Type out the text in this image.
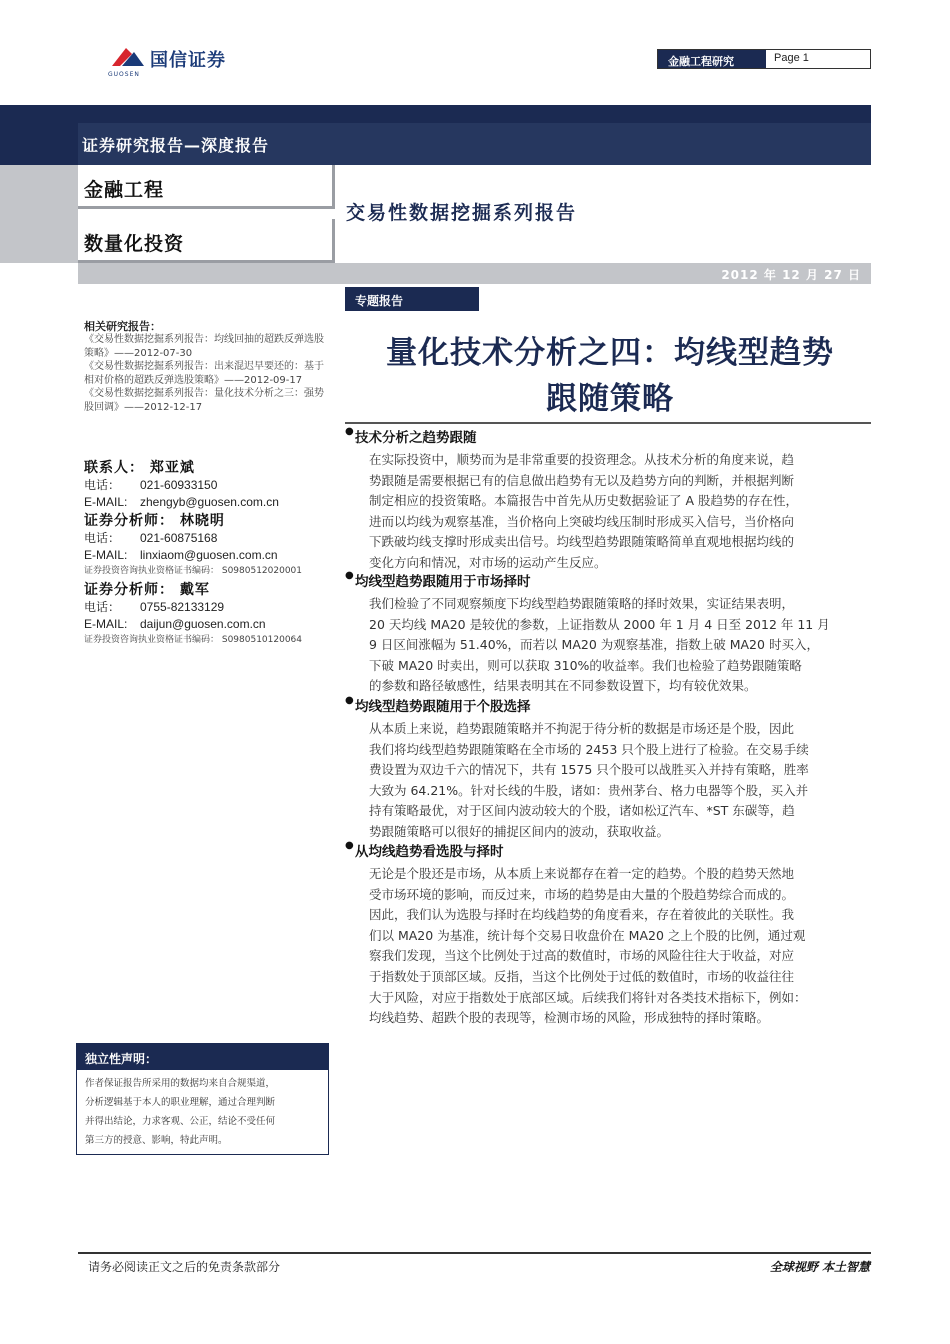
国信证券
GUOSEN
金融工程研究	Page 1
证券研究报告—深度报告
金融工程
数量化投资
交易性数据挖掘系列报告
2012 年 12 月 27 日
专题报告
量化技术分析之四：均线型趋势
跟随策略
相关研究报告：
《交易性数据挖掘系列报告：均线回抽的超跌反弹选股策略》——2012-07-30
《交易性数据挖掘系列报告：出来混迟早要还的：基于相对价格的超跌反弹选股策略》——2012-09-17
《交易性数据挖掘系列报告：量化技术分析之三：强势股回调》——2012-12-17
联系人： 郑亚斌
电话： 021-60933150
E-MAIL: zhengyb@guosen.com.cn
证券分析师： 林晓明
电话： 021-60875168
E-MAIL: linxiaom@guosen.com.cn
证券投资咨询执业资格证书编码： S0980512020001
证券分析师： 戴军
电话： 0755-82133129
E-MAIL: daijun@guosen.com.cn
证券投资咨询执业资格证书编码： S0980510120064
● 技术分析之趋势跟随
在实际投资中，顺势而为是非常重要的投资理念。从技术分析的角度来说，趋
势跟随是需要根据已有的信息做出趋势有无以及趋势方向的判断，并根据判断
制定相应的投资策略。本篇报告中首先从历史数据验证了 A 股趋势的存在性，
进而以均线为观察基准，当价格向上突破均线压制时形成买入信号，当价格向
下跌破均线支撑时形成卖出信号。均线型趋势跟随策略简单直观地根据均线的
变化方向和情况，对市场的运动产生反应。
● 均线型趋势跟随用于市场择时
我们检验了不同观察频度下均线型趋势跟随策略的择时效果，实证结果表明，
20 天均线 MA20 是较优的参数，上证指数从 2000 年 1 月 4 日至 2012 年 11 月
9 日区间涨幅为 51.40%，而若以 MA20 为观察基准，指数上破 MA20 时买入，
下破 MA20 时卖出，则可以获取 310%的收益率。我们也检验了趋势跟随策略
的参数和路径敏感性，结果表明其在不同参数设置下，均有较优效果。
● 均线型趋势跟随用于个股选择
从本质上来说，趋势跟随策略并不拘泥于待分析的数据是市场还是个股，因此
我们将均线型趋势跟随策略在全市场的 2453 只个股上进行了检验。在交易手续
费设置为双边千六的情况下，共有 1575 只个股可以战胜买入并持有策略，胜率
大致为 64.21%。针对长线的牛股，诸如：贵州茅台、格力电器等个股，买入并
持有策略最优，对于区间内波动较大的个股，诸如松辽汽车、*ST 东碳等，趋
势跟随策略可以很好的捕捉区间内的波动，获取收益。
● 从均线趋势看选股与择时
无论是个股还是市场，从本质上来说都存在着一定的趋势。个股的趋势天然地
受市场环境的影响，而反过来，市场的趋势是由大量的个股趋势综合而成的。
因此，我们认为选股与择时在均线趋势的角度看来，存在着彼此的关联性。我
们以 MA20 为基准，统计每个交易日收盘价在 MA20 之上个股的比例，通过观
察我们发现，当这个比例处于过高的数值时，市场的风险往往大于收益，对应
于指数处于顶部区域。反指，当这个比例处于过低的数值时，市场的收益往往
大于风险，对应于指数处于底部区域。后续我们将针对各类技术指标下，例如：
均线趋势、超跌个股的表现等，检测市场的风险，形成独特的择时策略。
独立性声明：
作者保证报告所采用的数据均来自合规渠道，
分析逻辑基于本人的职业理解，通过合理判断
并得出结论，力求客观、公正，结论不受任何
第三方的授意、影响，特此声明。
请务必阅读正文之后的免责条款部分	全球视野 本土智慧
